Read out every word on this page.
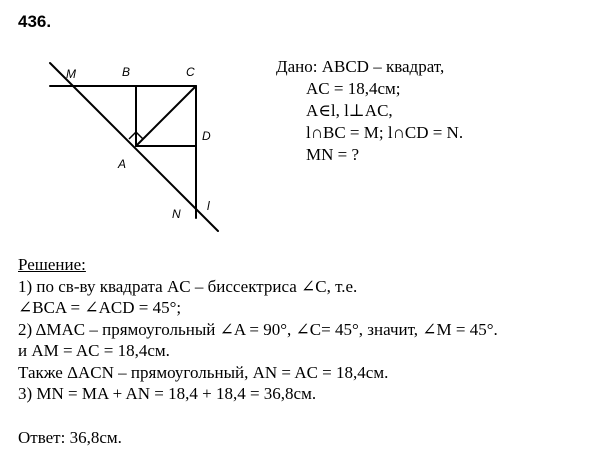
436.
M	B	C
D
A
N
l
Дано: ABCD – квадрат,
AC = 18,4см;
A∈l, l⊥AC,
l∩BC = M; l∩CD = N.
MN = ?
Решение:
1) по св-ву квадрата AC – биссектриса ∠C, т.е.
∠BCA = ∠ACD = 45°;
2) ΔMAC – прямоугольный ∠A = 90°, ∠C= 45°, значит, ∠M = 45°.
и AM = AC = 18,4см.
Также ΔACN – прямоугольный, AN = AC = 18,4см.
3) MN = MA + AN = 18,4 + 18,4 = 36,8см.
Ответ: 36,8см.
